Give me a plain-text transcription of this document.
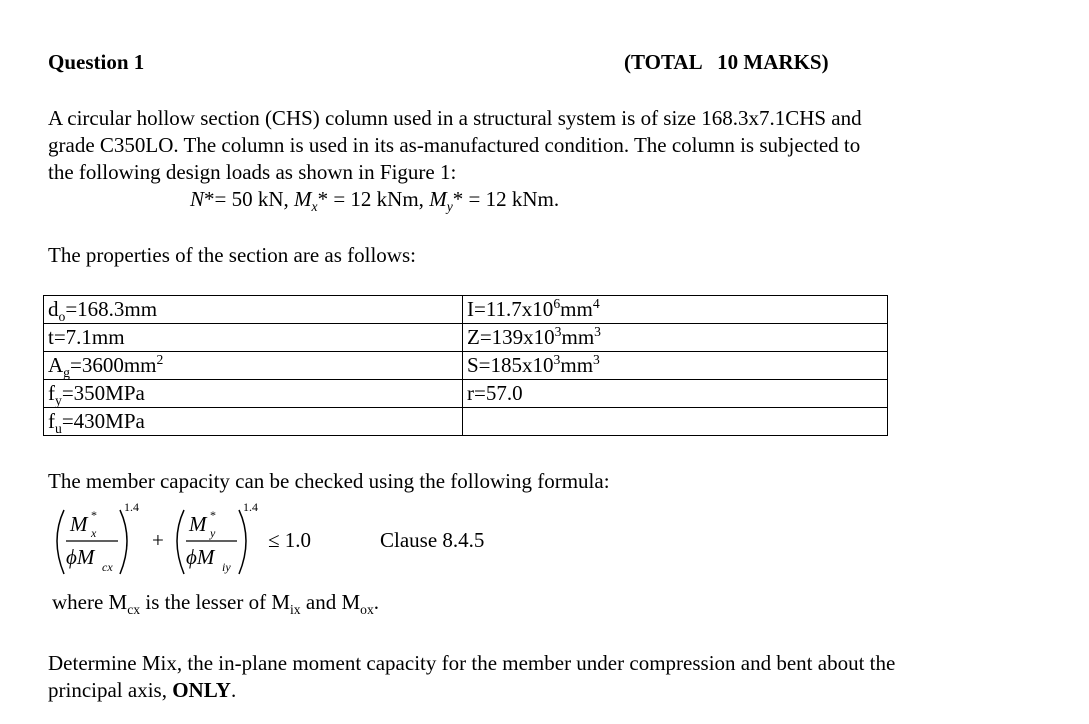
Question 1	(TOTAL   10 MARKS)
A circular hollow section (CHS) column used in a structural system is of size 168.3x7.1CHS and
grade C350LO. The column is used in its as-manufactured condition. The column is subjected to
the following design loads as shown in Figure 1:
N*= 50 kN, $M_x* = 12$ kNm, $M_y* = 12$ kNm.
The properties of the section are as follows:
$d_o=168.3mm$	$I=11.7x10^6mm^4$
t=7.1mm	$Z=139x10^3mm^3$
$A_g=3600mm^2$	$S=185x10^3mm^3$
$f_y=350MPa$	r=57.0
$f_u=430MPa$	
The member capacity can be checked using the following formula:
M *
x
ϕM cx
1.4
+
M *
y
ϕM iy
1.4
≤ 1.0	Clause 8.4.5
where $M_{cx}$ is the lesser of $M_{ix}$ and $M_{ox}$.
Determine Mix, the in-plane moment capacity for the member under compression and bent about the
principal axis, ONLY.
